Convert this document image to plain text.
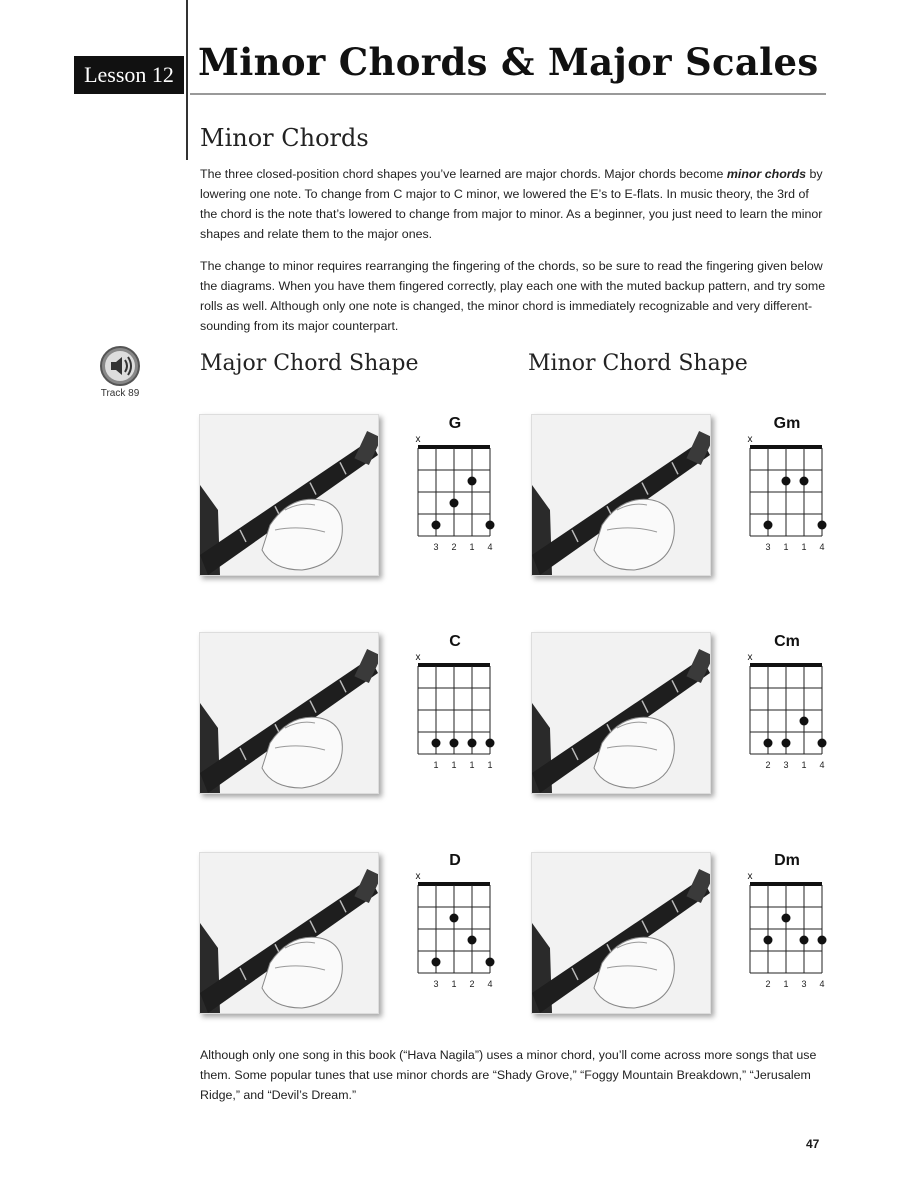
Lesson 12 Minor Chords & Major Scales
Minor Chords
The three closed-position chord shapes you’ve learned are major chords. Major chords become minor chords by lowering one note. To change from C major to C minor, we lowered the E’s to E-flats. In music theory, the 3rd of the chord is the note that’s lowered to change from major to minor. As a beginner, you just need to learn the minor shapes and relate them to the major ones.
The change to minor requires rearranging the fingering of the chords, so be sure to read the fingering given below the diagrams. When you have them fingered correctly, play each one with the muted backup pattern, and try some rolls as well. Although only one note is changed, the minor chord is immediately recognizable and very different-sounding from its major counterpart.
Track 89
Major Chord Shape	Minor Chord Shape
G
x
3 2 1 4
Gm
x
3 1 1 4
C
x
1 1 1 1
Cm
x
2 3 1 4
D
x
3 1 2 4
Dm
x
2 1 3 4
Although only one song in this book (“Hava Nagila”) uses a minor chord, you’ll come across more songs that use them. Some popular tunes that use minor chords are “Shady Grove,” “Foggy Mountain Breakdown,” “Jerusalem Ridge,” and “Devil’s Dream.”
47
